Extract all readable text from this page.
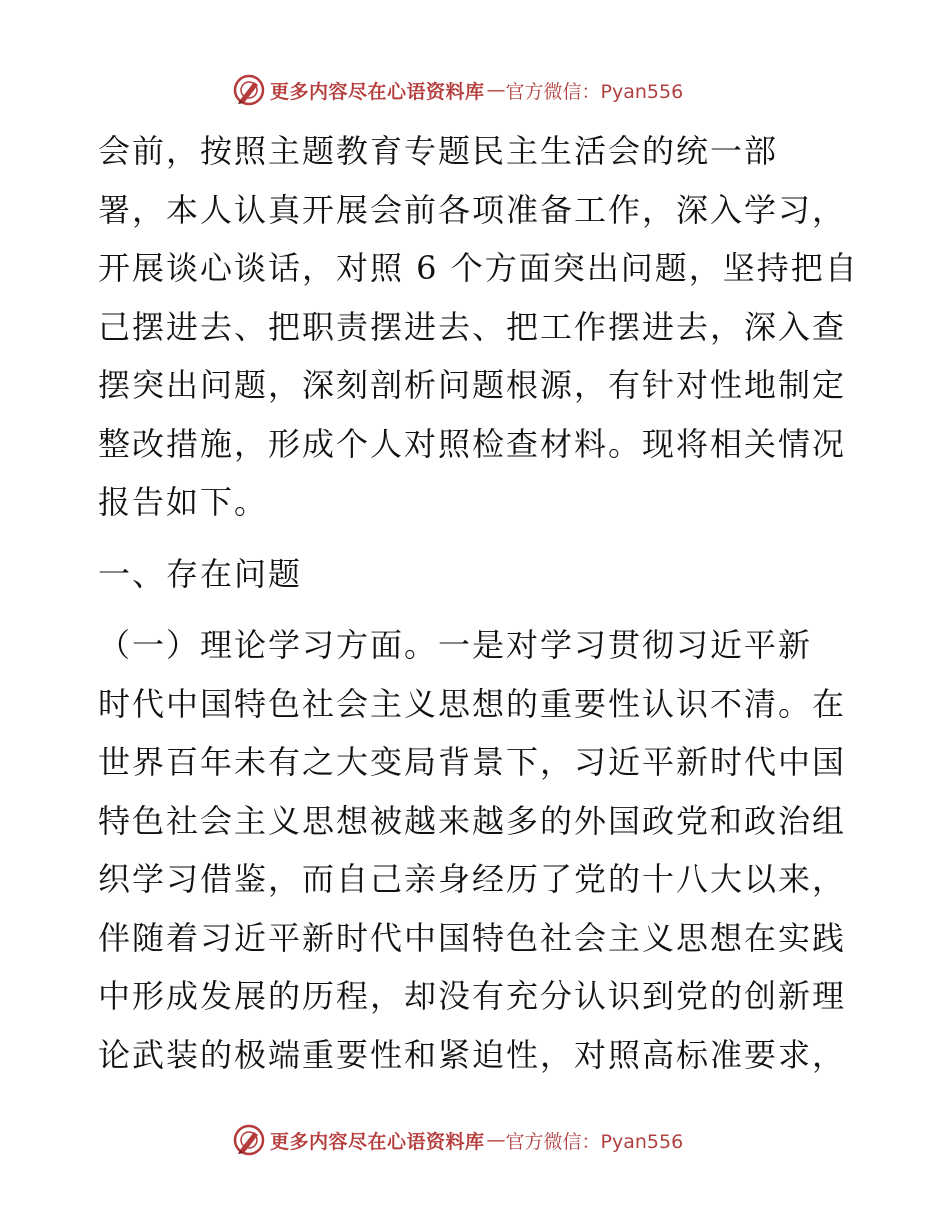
更多内容尽在心语资料库 — 官方微信：Pyan556
会前，按照主题教育专题民主生活会的统一部
署，本人认真开展会前各项准备工作，深入学习，
开展谈心谈话，对照 6 个方面突出问题，坚持把自
己摆进去、把职责摆进去、把工作摆进去，深入查
摆突出问题，深刻剖析问题根源，有针对性地制定
整改措施，形成个人对照检查材料。现将相关情况
报告如下。
一、存在问题
（一）理论学习方面。一是对学习贯彻习近平新
时代中国特色社会主义思想的重要性认识不清。在
世界百年未有之大变局背景下，习近平新时代中国
特色社会主义思想被越来越多的外国政党和政治组
织学习借鉴，而自己亲身经历了党的十八大以来，
伴随着习近平新时代中国特色社会主义思想在实践
中形成发展的历程，却没有充分认识到党的创新理
论武装的极端重要性和紧迫性，对照高标准要求，
更多内容尽在心语资料库 — 官方微信：Pyan556
